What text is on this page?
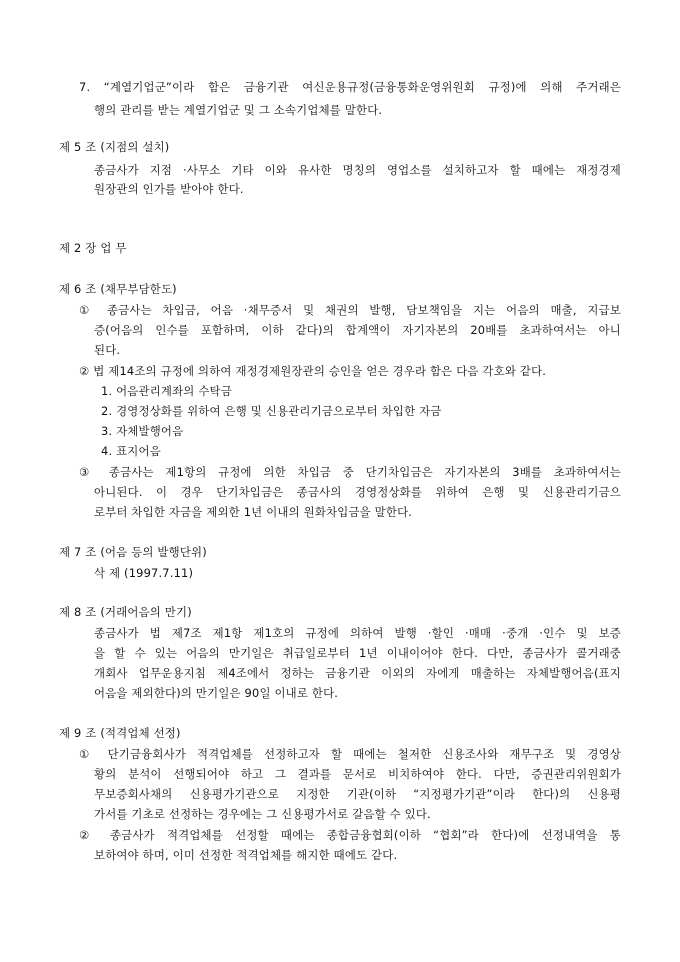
7. “계열기업군”이라 함은 금융기관 여신운용규정(금융통화운영위원회 규정)에 의해 주거래은
행의 관리를 받는 계열기업군 및 그 소속기업체를 말한다.
제 5 조 (지점의 설치)
종금사가 지점 ·사무소 기타 이와 유사한 명칭의 영업소를 설치하고자 할 때에는 재정경제
원장관의 인가를 받아야 한다.
제 2 장 업 무
제 6 조 (채무부담한도)
① 종금사는 차입금, 어음 ·채무증서 및 채권의 발행, 담보책임을 지는 어음의 매출, 지급보
증(어음의 인수를 포함하며, 이하 같다)의 합계액이 자기자본의 20배를 초과하여서는 아니
된다.
② 법 제14조의 규정에 의하여 재정경제원장관의 승인을 얻은 경우라 함은 다음 각호와 같다.
1. 어음관리계좌의 수탁금
2. 경영정상화를 위하여 은행 및 신용관리기금으로부터 차입한 자금
3. 자체발행어음
4. 표지어음
③ 종금사는 제1항의 규정에 의한 차입금 중 단기차입금은 자기자본의 3배를 초과하여서는
아니된다. 이 경우 단기차입금은 종금사의 경영정상화를 위하여 은행 및 신용관리기금으
로부터 차입한 자금을 제외한 1년 이내의 원화차입금을 말한다.
제 7 조 (어음 등의 발행단위)
삭 제 (1997.7.11)
제 8 조 (거래어음의 만기)
종금사가 법 제7조 제1항 제1호의 규정에 의하여 발행 ·할인 ·매매 ·중개 ·인수 및 보증
을 할 수 있는 어음의 만기일은 취급일로부터 1년 이내이어야 한다. 다만, 종금사가 콜거래중
개회사 업무운용지침 제4조에서 정하는 금융기관 이외의 자에게 매출하는 자체발행어음(표지
어음을 제외한다)의 만기일은 90일 이내로 한다.
제 9 조 (적격업체 선정)
① 단기금융회사가 적격업체를 선정하고자 할 때에는 철저한 신용조사와 재무구조 및 경영상
황의 분석이 선행되어야 하고 그 결과를 문서로 비치하여야 한다. 다만, 증권관리위원회가
무보증회사채의 신용평가기관으로 지정한 기관(이하 “지정평가기관”이라 한다)의 신용평
가서를 기초로 선정하는 경우에는 그 신용평가서로 갈음할 수 있다.
② 종금사가 적격업체를 선정할 때에는 종합금융협회(이하 “협회”라 한다)에 선정내역을 통
보하여야 하며, 이미 선정한 적격업체를 해지한 때에도 같다.
